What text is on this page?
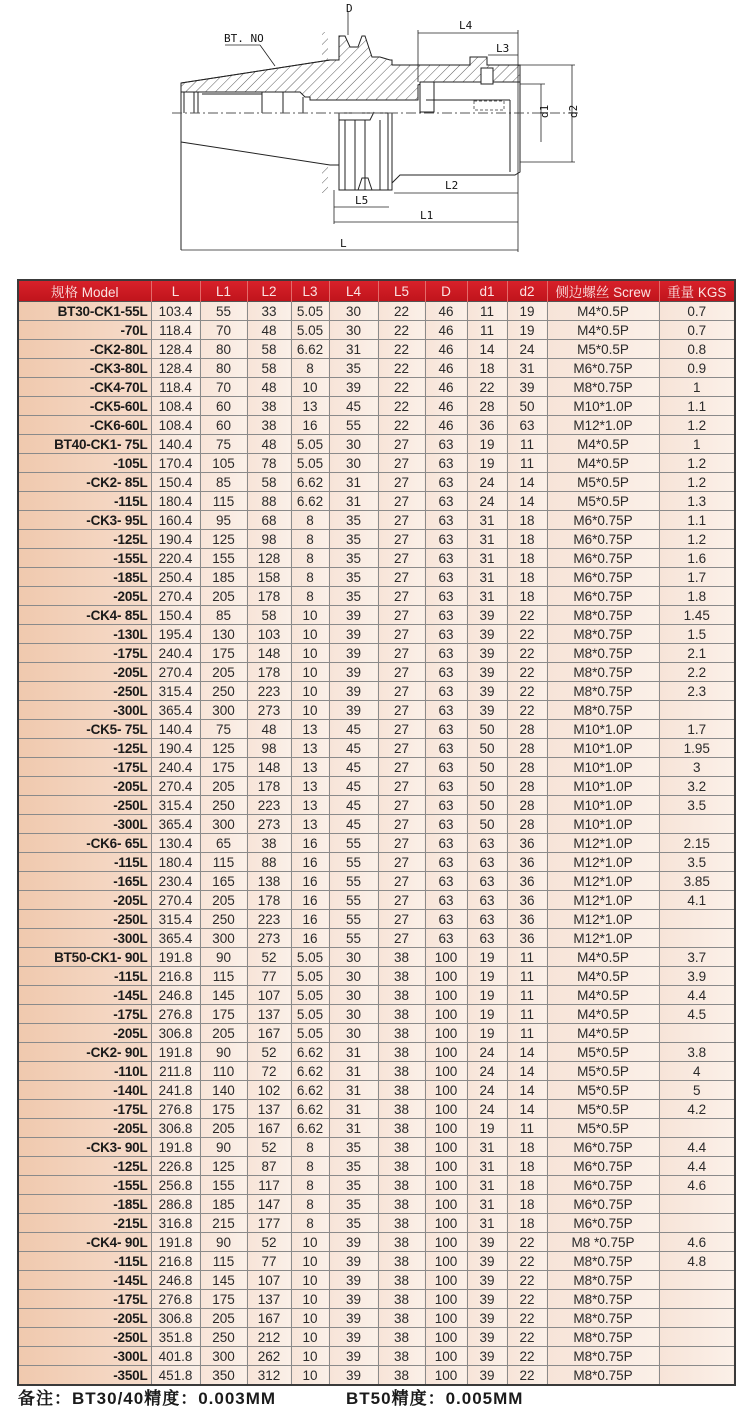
BT. NO
D
L4
L3
d1 d2
L2
L5
L1
L
规格 Model	L	L1	L2	L3	L4	L5	D	d1	d2	侧边螺丝 Screw	重量 KGS
BT30-CK1-55L	103.4	55	33	5.05	30	22	46	11	19	M4*0.5P	0.7
-70L	118.4	70	48	5.05	30	22	46	11	19	M4*0.5P	0.7
-CK2-80L	128.4	80	58	6.62	31	22	46	14	24	M5*0.5P	0.8
-CK3-80L	128.4	80	58	8	35	22	46	18	31	M6*0.75P	0.9
-CK4-70L	118.4	70	48	10	39	22	46	22	39	M8*0.75P	1
-CK5-60L	108.4	60	38	13	45	22	46	28	50	M10*1.0P	1.1
-CK6-60L	108.4	60	38	16	55	22	46	36	63	M12*1.0P	1.2
BT40-CK1- 75L	140.4	75	48	5.05	30	27	63	19	11	M4*0.5P	1
-105L	170.4	105	78	5.05	30	27	63	19	11	M4*0.5P	1.2
-CK2- 85L	150.4	85	58	6.62	31	27	63	24	14	M5*0.5P	1.2
-115L	180.4	115	88	6.62	31	27	63	24	14	M5*0.5P	1.3
-CK3- 95L	160.4	95	68	8	35	27	63	31	18	M6*0.75P	1.1
-125L	190.4	125	98	8	35	27	63	31	18	M6*0.75P	1.2
-155L	220.4	155	128	8	35	27	63	31	18	M6*0.75P	1.6
-185L	250.4	185	158	8	35	27	63	31	18	M6*0.75P	1.7
-205L	270.4	205	178	8	35	27	63	31	18	M6*0.75P	1.8
-CK4- 85L	150.4	85	58	10	39	27	63	39	22	M8*0.75P	1.45
-130L	195.4	130	103	10	39	27	63	39	22	M8*0.75P	1.5
-175L	240.4	175	148	10	39	27	63	39	22	M8*0.75P	2.1
-205L	270.4	205	178	10	39	27	63	39	22	M8*0.75P	2.2
-250L	315.4	250	223	10	39	27	63	39	22	M8*0.75P	2.3
-300L	365.4	300	273	10	39	27	63	39	22	M8*0.75P	
-CK5- 75L	140.4	75	48	13	45	27	63	50	28	M10*1.0P	1.7
-125L	190.4	125	98	13	45	27	63	50	28	M10*1.0P	1.95
-175L	240.4	175	148	13	45	27	63	50	28	M10*1.0P	3
-205L	270.4	205	178	13	45	27	63	50	28	M10*1.0P	3.2
-250L	315.4	250	223	13	45	27	63	50	28	M10*1.0P	3.5
-300L	365.4	300	273	13	45	27	63	50	28	M10*1.0P	
-CK6- 65L	130.4	65	38	16	55	27	63	63	36	M12*1.0P	2.15
-115L	180.4	115	88	16	55	27	63	63	36	M12*1.0P	3.5
-165L	230.4	165	138	16	55	27	63	63	36	M12*1.0P	3.85
-205L	270.4	205	178	16	55	27	63	63	36	M12*1.0P	4.1
-250L	315.4	250	223	16	55	27	63	63	36	M12*1.0P	
-300L	365.4	300	273	16	55	27	63	63	36	M12*1.0P	
BT50-CK1- 90L	191.8	90	52	5.05	30	38	100	19	11	M4*0.5P	3.7
-115L	216.8	115	77	5.05	30	38	100	19	11	M4*0.5P	3.9
-145L	246.8	145	107	5.05	30	38	100	19	11	M4*0.5P	4.4
-175L	276.8	175	137	5.05	30	38	100	19	11	M4*0.5P	4.5
-205L	306.8	205	167	5.05	30	38	100	19	11	M4*0.5P	
-CK2- 90L	191.8	90	52	6.62	31	38	100	24	14	M5*0.5P	3.8
-110L	211.8	110	72	6.62	31	38	100	24	14	M5*0.5P	4
-140L	241.8	140	102	6.62	31	38	100	24	14	M5*0.5P	5
-175L	276.8	175	137	6.62	31	38	100	24	14	M5*0.5P	4.2
-205L	306.8	205	167	6.62	31	38	100	19	11	M5*0.5P	
-CK3- 90L	191.8	90	52	8	35	38	100	31	18	M6*0.75P	4.4
-125L	226.8	125	87	8	35	38	100	31	18	M6*0.75P	4.4
-155L	256.8	155	117	8	35	38	100	31	18	M6*0.75P	4.6
-185L	286.8	185	147	8	35	38	100	31	18	M6*0.75P	
-215L	316.8	215	177	8	35	38	100	31	18	M6*0.75P	
-CK4- 90L	191.8	90	52	10	39	38	100	39	22	M8 *0.75P	4.6
-115L	216.8	115	77	10	39	38	100	39	22	M8*0.75P	4.8
-145L	246.8	145	107	10	39	38	100	39	22	M8*0.75P	
-175L	276.8	175	137	10	39	38	100	39	22	M8*0.75P	
-205L	306.8	205	167	10	39	38	100	39	22	M8*0.75P	
-250L	351.8	250	212	10	39	38	100	39	22	M8*0.75P	
-300L	401.8	300	262	10	39	38	100	39	22	M8*0.75P	
-350L	451.8	350	312	10	39	38	100	39	22	M8*0.75P	
备注：BT30/40精度：0.003MM	BT50精度：0.005MM
